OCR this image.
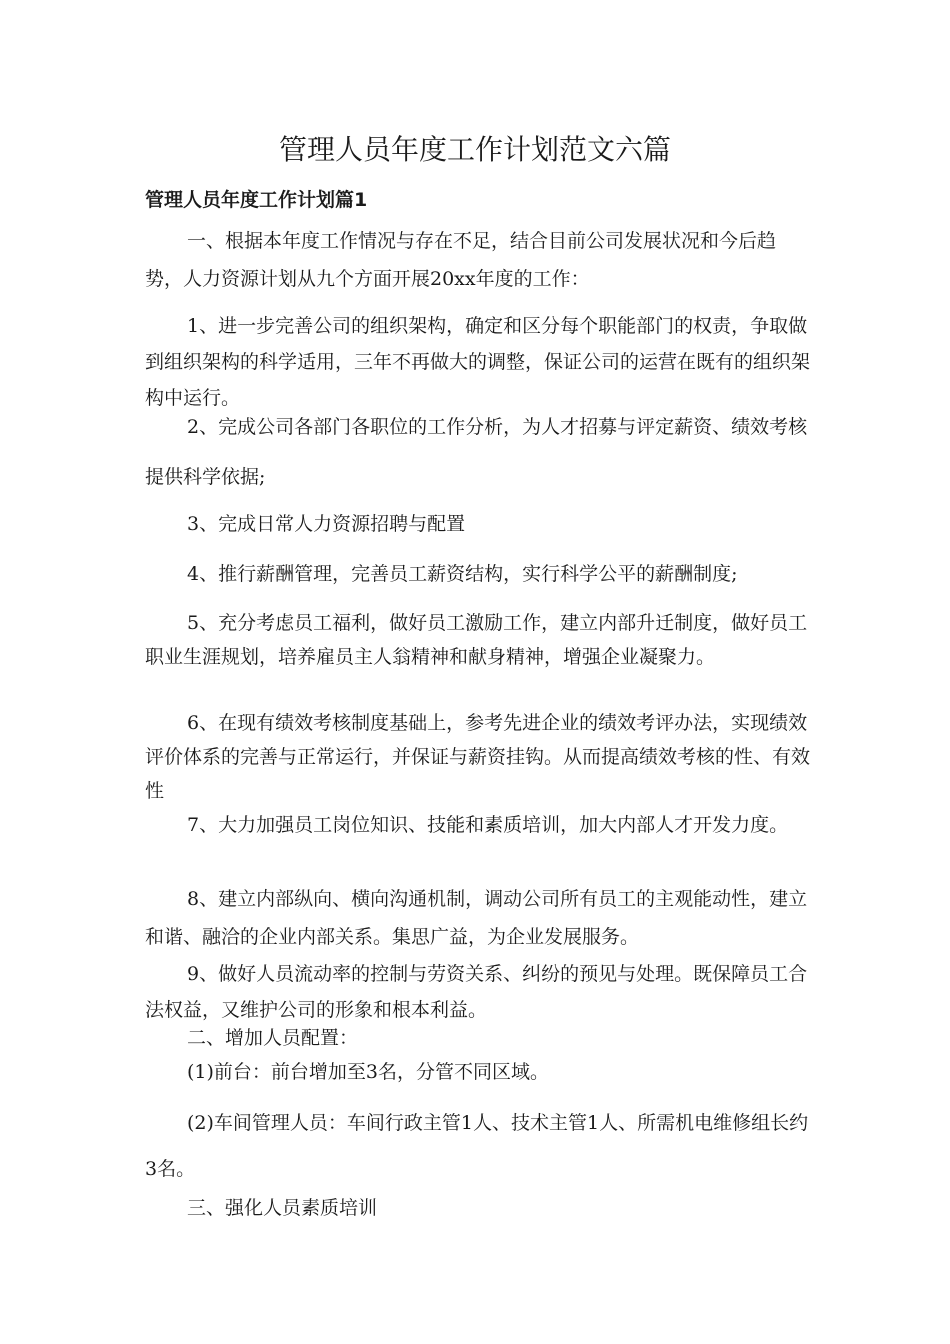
管理人员年度工作计划范文六篇
管理人员年度工作计划篇1
一、根据本年度工作情况与存在不足，结合目前公司发展状况和今后趋势，人力资源计划从九个方面开展20xx年度的工作：
1、进一步完善公司的组织架构，确定和区分每个职能部门的权责，争取做到组织架构的科学适用，三年不再做大的调整，保证公司的运营在既有的组织架构中运行。
2、完成公司各部门各职位的工作分析，为人才招募与评定薪资、绩效考核提供科学依据;
3、完成日常人力资源招聘与配置
4、推行薪酬管理，完善员工薪资结构，实行科学公平的薪酬制度;
5、充分考虑员工福利，做好员工激励工作，建立内部升迁制度，做好员工职业生涯规划，培养雇员主人翁精神和献身精神，增强企业凝聚力。
6、在现有绩效考核制度基础上，参考先进企业的绩效考评办法，实现绩效评价体系的完善与正常运行，并保证与薪资挂钩。从而提高绩效考核的性、有效性
7、大力加强员工岗位知识、技能和素质培训，加大内部人才开发力度。
8、建立内部纵向、横向沟通机制，调动公司所有员工的主观能动性，建立和谐、融洽的企业内部关系。集思广益，为企业发展服务。
9、做好人员流动率的控制与劳资关系、纠纷的预见与处理。既保障员工合法权益，又维护公司的形象和根本利益。
二、增加人员配置：
(1)前台：前台增加至3名，分管不同区域。
(2)车间管理人员：车间行政主管1人、技术主管1人、所需机电维修组长约3名。
三、强化人员素质培训
